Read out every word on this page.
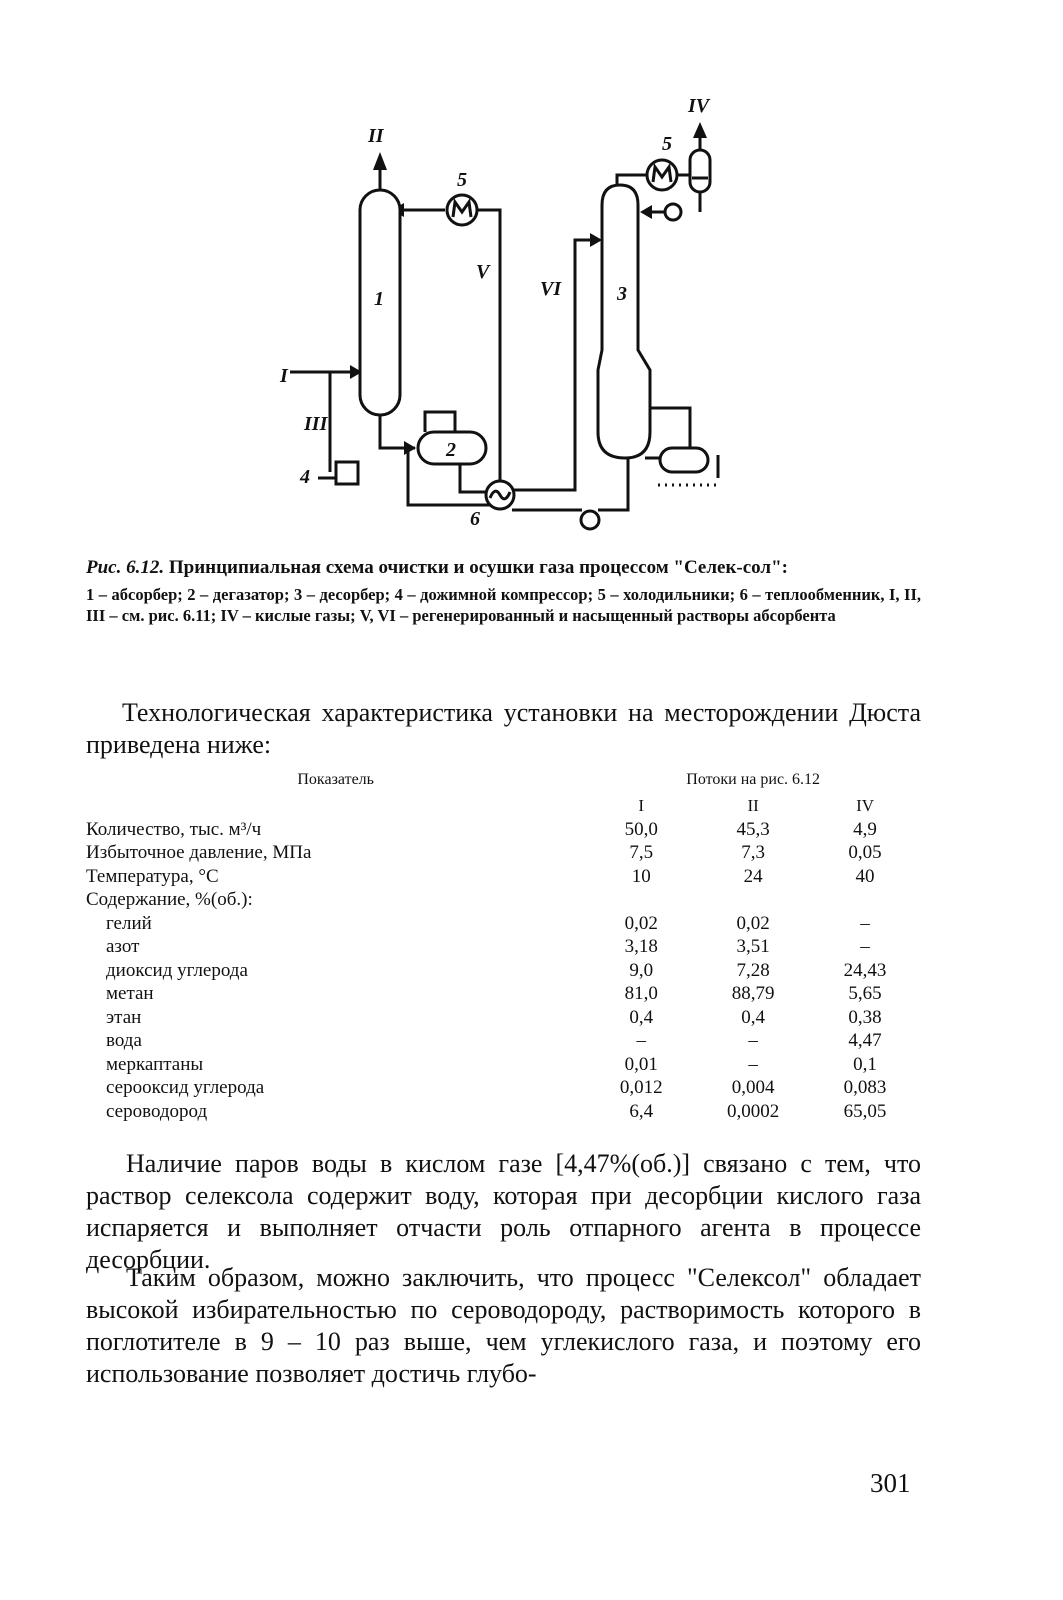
1
2
3
4
5
5
6
I
II
III
IV
V
VI
Рис. 6.12. Принципиальная схема очистки и осушки газа процессом "Селек-сол":
1 – абсорбер; 2 – дегазатор; 3 – десорбер; 4 – дожимной компрессор; 5 – холодильники; 6 – теплообменник, I, II, III – см. рис. 6.11; IV – кислые газы; V, VI – регенерированный и насыщенный растворы абсорбента
Технологическая характеристика установки на месторождении Дюста приведена ниже:
Показатель	Потоки на рис. 6.12		
	I	II	IV
Количество, тыс. м³/ч	50,0	45,3	4,9
Избыточное давление, МПа	7,5	7,3	0,05
Температура, °С	10	24	40
Содержание, %(об.):			
гелий	0,02	0,02	–
азот	3,18	3,51	–
диоксид углерода	9,0	7,28	24,43
метан	81,0	88,79	5,65
этан	0,4	0,4	0,38
вода	–	–	4,47
меркаптаны	0,01	–	0,1
серооксид углерода	0,012	0,004	0,083
сероводород	6,4	0,0002	65,05
Наличие паров воды в кислом газе [4,47%(об.)] связано с тем, что раствор селексола содержит воду, которая при десорбции кислого газа испаряется и выполняет отчасти роль отпарного агента в процессе десорбции.
Таким образом, можно заключить, что процесс "Селексол" обладает высокой избирательностью по сероводороду, растворимость которого в поглотителе в 9 – 10 раз выше, чем углекислого газа, и поэтому его использование позволяет достичь глубо-
301
